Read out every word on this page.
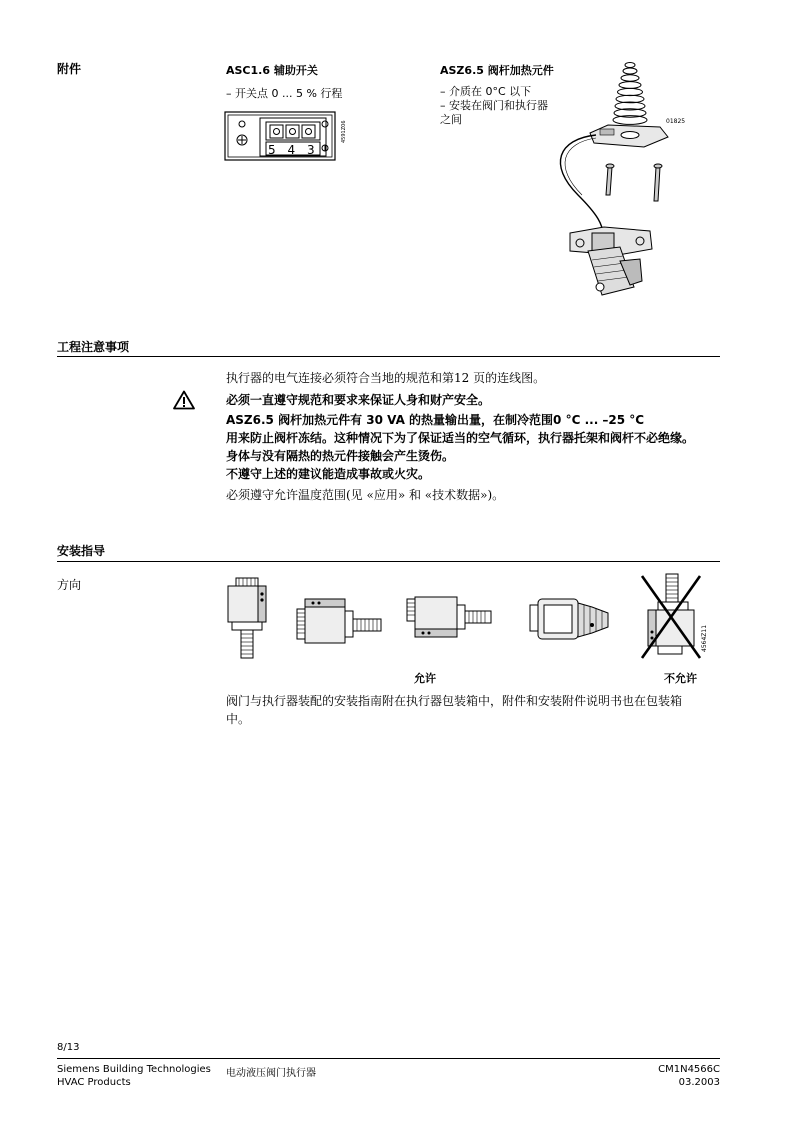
附件	ASC1.6 辅助开关
– 开关点 0 ... 5 % 行程
5 4 3
4591Z06
ASZ6.5 阀杆加热元件
– 介质在 0°C 以下
– 安装在阀门和执行器
之间	01825
工程注意事项
执行器的电气连接必须符合当地的规范和第12 页的连线图。
必须一直遵守规范和要求来保证人身和财产安全。
ASZ6.5 阀杆加热元件有 30 VA 的热量输出量，在制冷范围0 °C ... –25 °C
用来防止阀杆冻结。这种情况下为了保证适当的空气循环，执行器托架和阀杆不必绝缘。
身体与没有隔热的热元件接触会产生烫伤。
不遵守上述的建议能造成事故或火灾。
必须遵守允许温度范围(见 «应用» 和 «技术数据»)。
安装指导
方向
4564Z11
允许	不允许
阀门与执行器装配的安装指南附在执行器包装箱中，附件和安装附件说明书也在包装箱
中。
8/13
Siemens Building Technologies
HVAC Products
电动液压阀门执行器	CM1N4566C
03.2003
